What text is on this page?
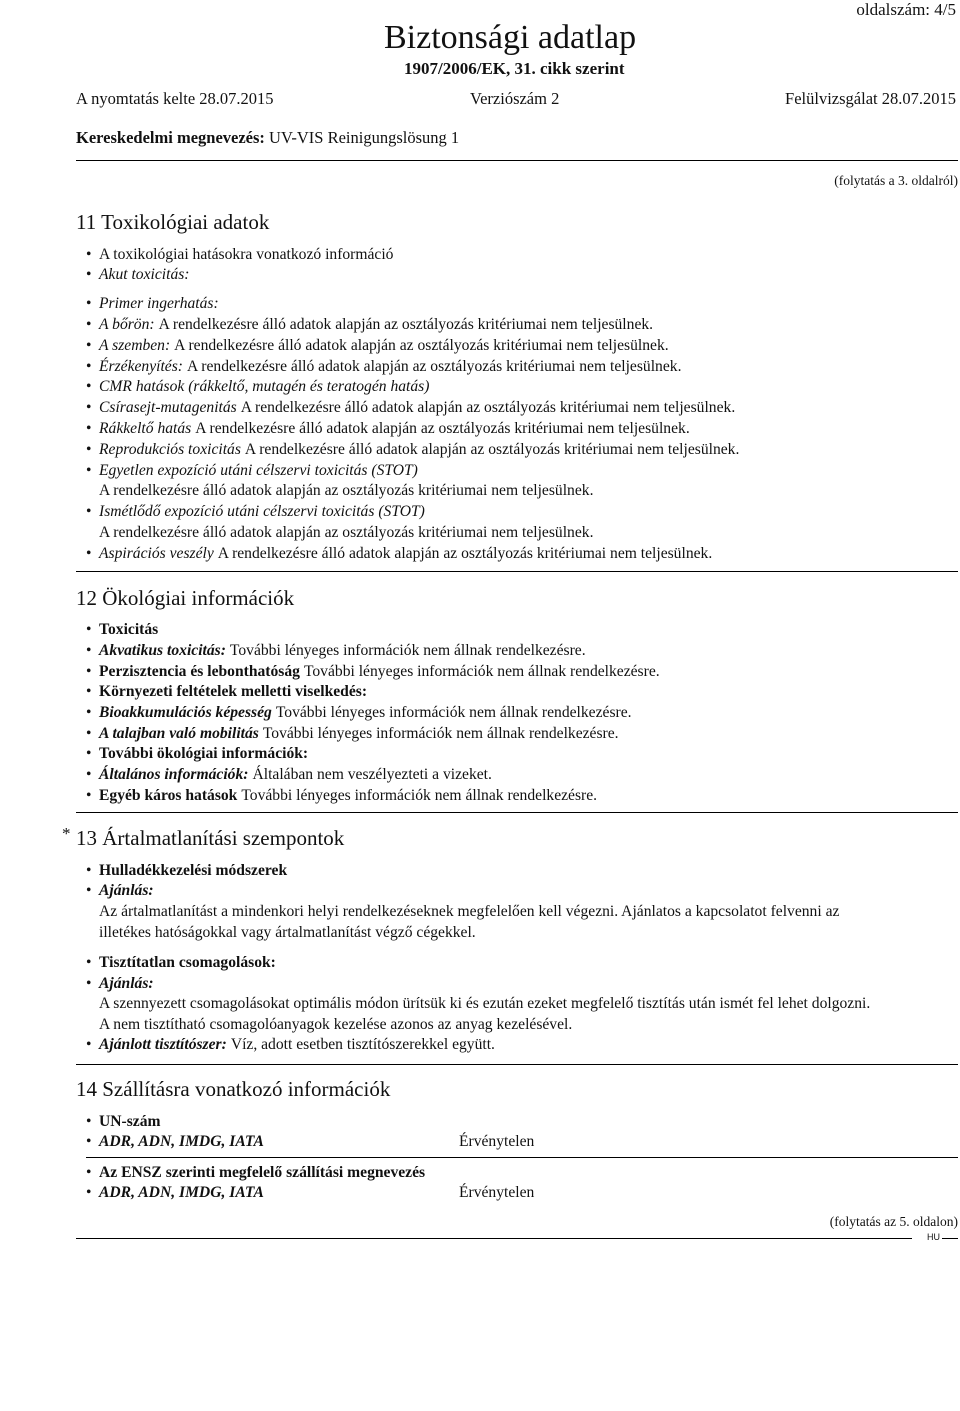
oldalszám: 4/5
Biztonsági adatlap
1907/2006/EK, 31. cikk szerint
A nyomtatás kelte 28.07.2015	Verziószám 2	Felülvizsgálat 28.07.2015
Kereskedelmi megnevezés: UV-VIS Reinigungslösung 1
(folytatás a 3. oldalról)
11 Toxikológiai adatok
• A toxikológiai hatásokra vonatkozó információ
• Akut toxicitás:
• Primer ingerhatás:
• A bőrön: A rendelkezésre álló adatok alapján az osztályozás kritériumai nem teljesülnek.
• A szemben: A rendelkezésre álló adatok alapján az osztályozás kritériumai nem teljesülnek.
• Érzékenyítés: A rendelkezésre álló adatok alapján az osztályozás kritériumai nem teljesülnek.
• CMR hatások (rákkeltő, mutagén és teratogén hatás)
• Csírasejt-mutagenitás A rendelkezésre álló adatok alapján az osztályozás kritériumai nem teljesülnek.
• Rákkeltő hatás A rendelkezésre álló adatok alapján az osztályozás kritériumai nem teljesülnek.
• Reprodukciós toxicitás A rendelkezésre álló adatok alapján az osztályozás kritériumai nem teljesülnek.
• Egyetlen expozíció utáni célszervi toxicitás (STOT)
A rendelkezésre álló adatok alapján az osztályozás kritériumai nem teljesülnek.
• Ismétlődő expozíció utáni célszervi toxicitás (STOT)
A rendelkezésre álló adatok alapján az osztályozás kritériumai nem teljesülnek.
• Aspirációs veszély A rendelkezésre álló adatok alapján az osztályozás kritériumai nem teljesülnek.
12 Ökológiai információk
• Toxicitás
• Akvatikus toxicitás: További lényeges információk nem állnak rendelkezésre.
• Perzisztencia és lebonthatóság További lényeges információk nem állnak rendelkezésre.
• Környezeti feltételek melletti viselkedés:
• Bioakkumulációs képesség További lényeges információk nem állnak rendelkezésre.
• A talajban való mobilitás További lényeges információk nem állnak rendelkezésre.
• További ökológiai információk:
• Általános információk: Általában nem veszélyezteti a vizeket.
• Egyéb káros hatások További lényeges információk nem állnak rendelkezésre.
* 13 Ártalmatlanítási szempontok
• Hulladékkezelési módszerek
• Ajánlás:
Az ártalmatlanítást a mindenkori helyi rendelkezéseknek megfelelően kell végezni. Ajánlatos a kapcsolatot felvenni az
illetékes hatóságokkal vagy ártalmatlanítást végző cégekkel.
• Tisztítatlan csomagolások:
• Ajánlás:
A szennyezett csomagolásokat optimális módon ürítsük ki és ezután ezeket megfelelő tisztítás után ismét fel lehet dolgozni.
A nem tisztítható csomagolóanyagok kezelése azonos az anyag kezelésével.
• Ajánlott tisztítószer: Víz, adott esetben tisztítószerekkel együtt.
14 Szállításra vonatkozó információk
• UN-szám
• ADR, ADN, IMDG, IATA	Érvénytelen
• Az ENSZ szerinti megfelelő szállítási megnevezés
• ADR, ADN, IMDG, IATA	Érvénytelen
(folytatás az 5. oldalon)
HU
